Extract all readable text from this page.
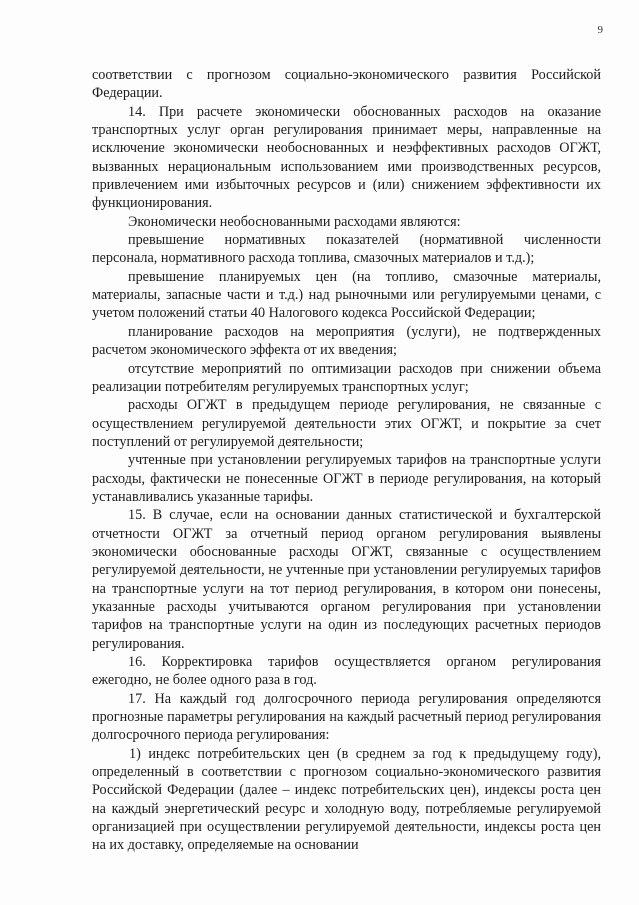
9

соответствии с прогнозом социально-экономического развития Российской Федерации.

14. При расчете экономически обоснованных расходов на оказание транспортных услуг орган регулирования принимает меры, направленные на исключение экономически необоснованных и неэффективных расходов ОГЖТ, вызванных нерациональным использованием ими производственных ресурсов, привлечением ими избыточных ресурсов и (или) снижением эффективности их функционирования.

Экономически необоснованными расходами являются:

превышение нормативных показателей (нормативной численности персонала, нормативного расхода топлива, смазочных материалов и т.д.);

превышение планируемых цен (на топливо, смазочные материалы, материалы, запасные части и т.д.) над рыночными или регулируемыми ценами, с учетом положений статьи 40 Налогового кодекса Российской Федерации;

планирование расходов на мероприятия (услуги), не подтвержденных расчетом экономического эффекта от их введения;

отсутствие мероприятий по оптимизации расходов при снижении объема реализации потребителям регулируемых транспортных услуг;

расходы ОГЖТ в предыдущем периоде регулирования, не связанные с осуществлением регулируемой деятельности этих ОГЖТ, и покрытие за счет поступлений от регулируемой деятельности;

учтенные при установлении регулируемых тарифов на транспортные услуги расходы, фактически не понесенные ОГЖТ в периоде регулирования, на который устанавливались указанные тарифы.

15. В случае, если на основании данных статистической и бухгалтерской отчетности ОГЖТ за отчетный период органом регулирования выявлены экономически обоснованные расходы ОГЖТ, связанные с осуществлением регулируемой деятельности, не учтенные при установлении регулируемых тарифов на транспортные услуги на тот период регулирования, в котором они понесены, указанные расходы учитываются органом регулирования при установлении тарифов на транспортные услуги на один из последующих расчетных периодов регулирования.

16. Корректировка тарифов осуществляется органом регулирования ежегодно, не более одного раза в год.

17. На каждый год долгосрочного периода регулирования определяются прогнозные параметры регулирования на каждый расчетный период регулирования долгосрочного периода регулирования:

1) индекс потребительских цен (в среднем за год к предыдущему году), определенный в соответствии с прогнозом социально-экономического развития Российской Федерации (далее – индекс потребительских цен), индексы роста цен на каждый энергетический ресурс и холодную воду, потребляемые регулируемой организацией при осуществлении регулируемой деятельности, индексы роста цен на их доставку, определяемые на основании
